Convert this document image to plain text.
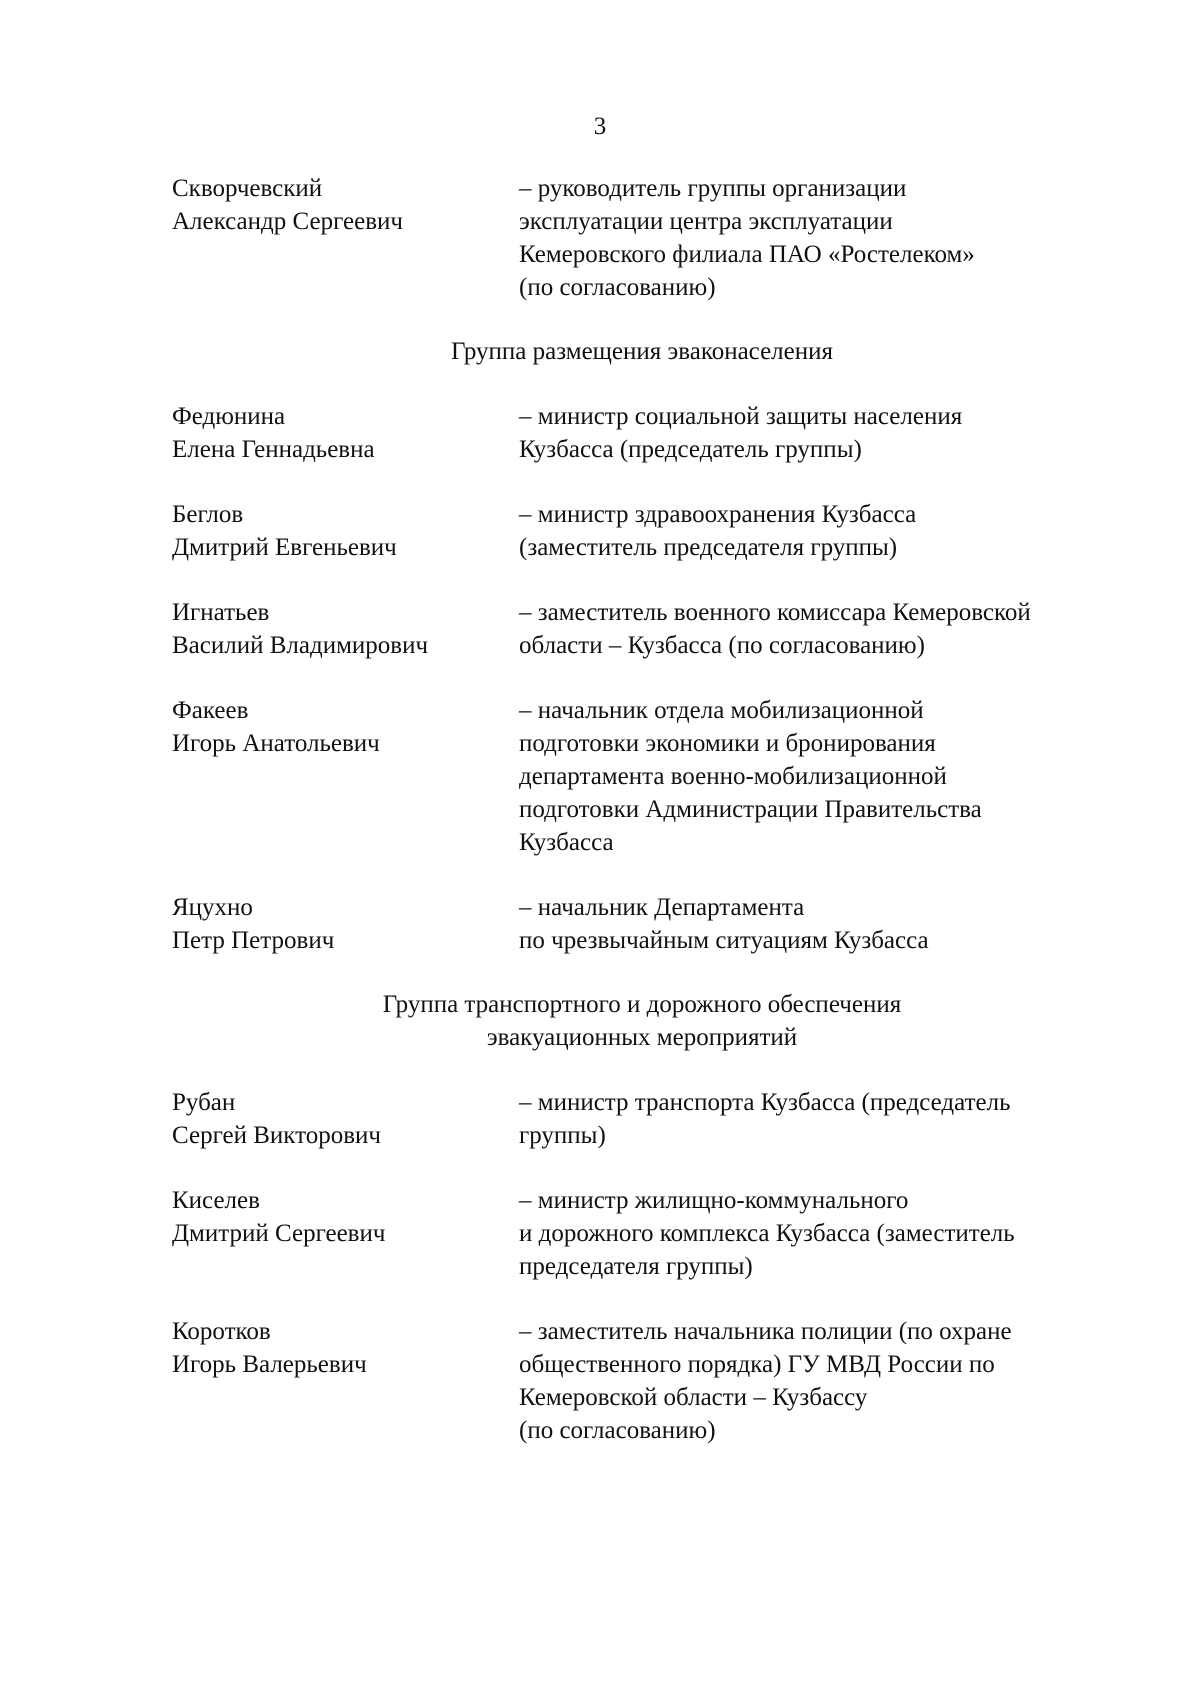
3
Скворчевский
Александр Сергеевич
– руководитель группы организации
эксплуатации центра эксплуатации
Кемеровского филиала ПАО «Ростелеком»
(по согласованию)
Группа размещения эваконаселения
Федюнина
Елена Геннадьевна
– министр социальной защиты населения
Кузбасса (председатель группы)
Беглов
Дмитрий Евгеньевич
– министр здравоохранения Кузбасса
(заместитель председателя группы)
Игнатьев
Василий Владимирович
– заместитель военного комиссара Кемеровской
области – Кузбасса (по согласованию)
Факеев
Игорь Анатольевич
– начальник отдела мобилизационной
подготовки экономики и бронирования
департамента военно-мобилизационной
подготовки Администрации Правительства
Кузбасса
Яцухно
Петр Петрович
– начальник Департамента
по чрезвычайным ситуациям Кузбасса
Группа транспортного и дорожного обеспечения
эвакуационных мероприятий
Рубан
Сергей Викторович
– министр транспорта Кузбасса (председатель
группы)
Киселев
Дмитрий Сергеевич
– министр жилищно-коммунального
и дорожного комплекса Кузбасса (заместитель
председателя группы)
Коротков
Игорь Валерьевич
– заместитель начальника полиции (по охране
общественного порядка) ГУ МВД России по
Кемеровской области – Кузбассу
(по согласованию)
